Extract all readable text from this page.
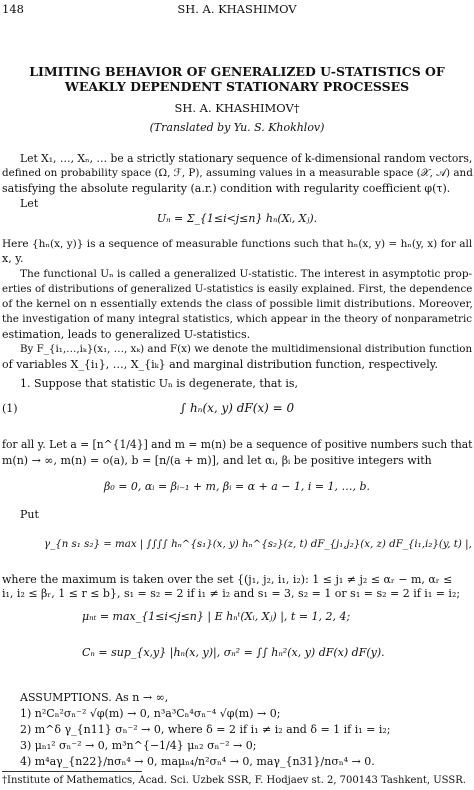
148	SH. A. KHASHIMOV
LIMITING BEHAVIOR OF GENERALIZED U-STATISTICS OF
WEAKLY DEPENDENT STATIONARY PROCESSES
SH. A. KHASHIMOV†
(Translated by Yu. S. Khokhlov)
Let X₁, …, Xₙ, … be a strictly stationary sequence of k-dimensional random vectors,
defined on probability space (Ω, ℱ, P), assuming values in a measurable space (𝒳, 𝒜) and
satisfying the absolute regularity (a.r.) condition with regularity coefficient φ(τ).
Let
Uₙ = Σ_{1≤i<j≤n} hₙ(Xᵢ, Xⱼ).
Here {hₙ(x, y)} is a sequence of measurable functions such that hₙ(x, y) = hₙ(y, x) for all
x, y.
The functional Uₙ is called a generalized U-statistic. The interest in asymptotic prop-
erties of distributions of generalized U-statistics is easily explained. First, the dependence
of the kernel on n essentially extends the class of possible limit distributions. Moreover,
the investigation of many integral statistics, which appear in the theory of nonparametric
estimation, leads to generalized U-statistics.
By F_{i₁,…,iₖ}(x₁, …, xₖ) and F(x) we denote the multidimensional distribution function
of variables X_{i₁}, …, X_{iₖ} and marginal distribution function, respectively.
1. Suppose that statistic Uₙ is degenerate, that is,
(1)	∫ hₙ(x, y) dF(x) = 0
for all y. Let a = [n^{1/4}] and m = m(n) be a sequence of positive numbers such that
m(n) → ∞, m(n) = o(a), b = [n/(a + m)], and let αᵢ, βᵢ be positive integers with
β₀ = 0, αᵢ = βᵢ₋₁ + m, βᵢ = α + a − 1, i = 1, …, b.
Put
γ_{n s₁ s₂} = max | ∫∫∫∫ hₙ^{s₁}(x, y) hₙ^{s₂}(z, t) dF_{j₁,j₂}(x, z) dF_{i₁,i₂}(y, t) |,
where the maximum is taken over the set {(j₁, j₂, i₁, i₂): 1 ≤ j₁ ≠ j₂ ≤ αᵣ − m, αᵣ ≤
i₁, i₂ ≤ βᵣ, 1 ≤ r ≤ b}, s₁ = s₂ = 2 if i₁ ≠ i₂ and s₁ = 3, s₂ = 1 or s₁ = s₂ = 2 if i₁ = i₂;
μₙₜ = max_{1≤i<j≤n} | E hₙᵗ(Xᵢ, Xⱼ) |, t = 1, 2, 4;
Cₙ = sup_{x,y} |hₙ(x, y)|, σₙ² = ∫∫ hₙ²(x, y) dF(x) dF(y).
ASSUMPTIONS. As n → ∞,
1) n²Cₙ²σₙ⁻² √φ(m) → 0, n³a³Cₙ⁴σₙ⁻⁴ √φ(m) → 0;
2) m^δ γ_{n11} σₙ⁻² → 0, where δ = 2 if i₁ ≠ i₂ and δ = 1 if i₁ = i₂;
3) μₙ₁² σₙ⁻² → 0, m³n^{−1/4} μₙ₂ σₙ⁻² → 0;
4) m⁴aγ_{n22}/nσₙ⁴ → 0, maμₙ₄/n²σₙ⁴ → 0, maγ_{n31}/nσₙ⁴ → 0.
†Institute of Mathematics, Acad. Sci. Uzbek SSR, F. Hodjaev st. 2, 700143 Tashkent, USSR.
